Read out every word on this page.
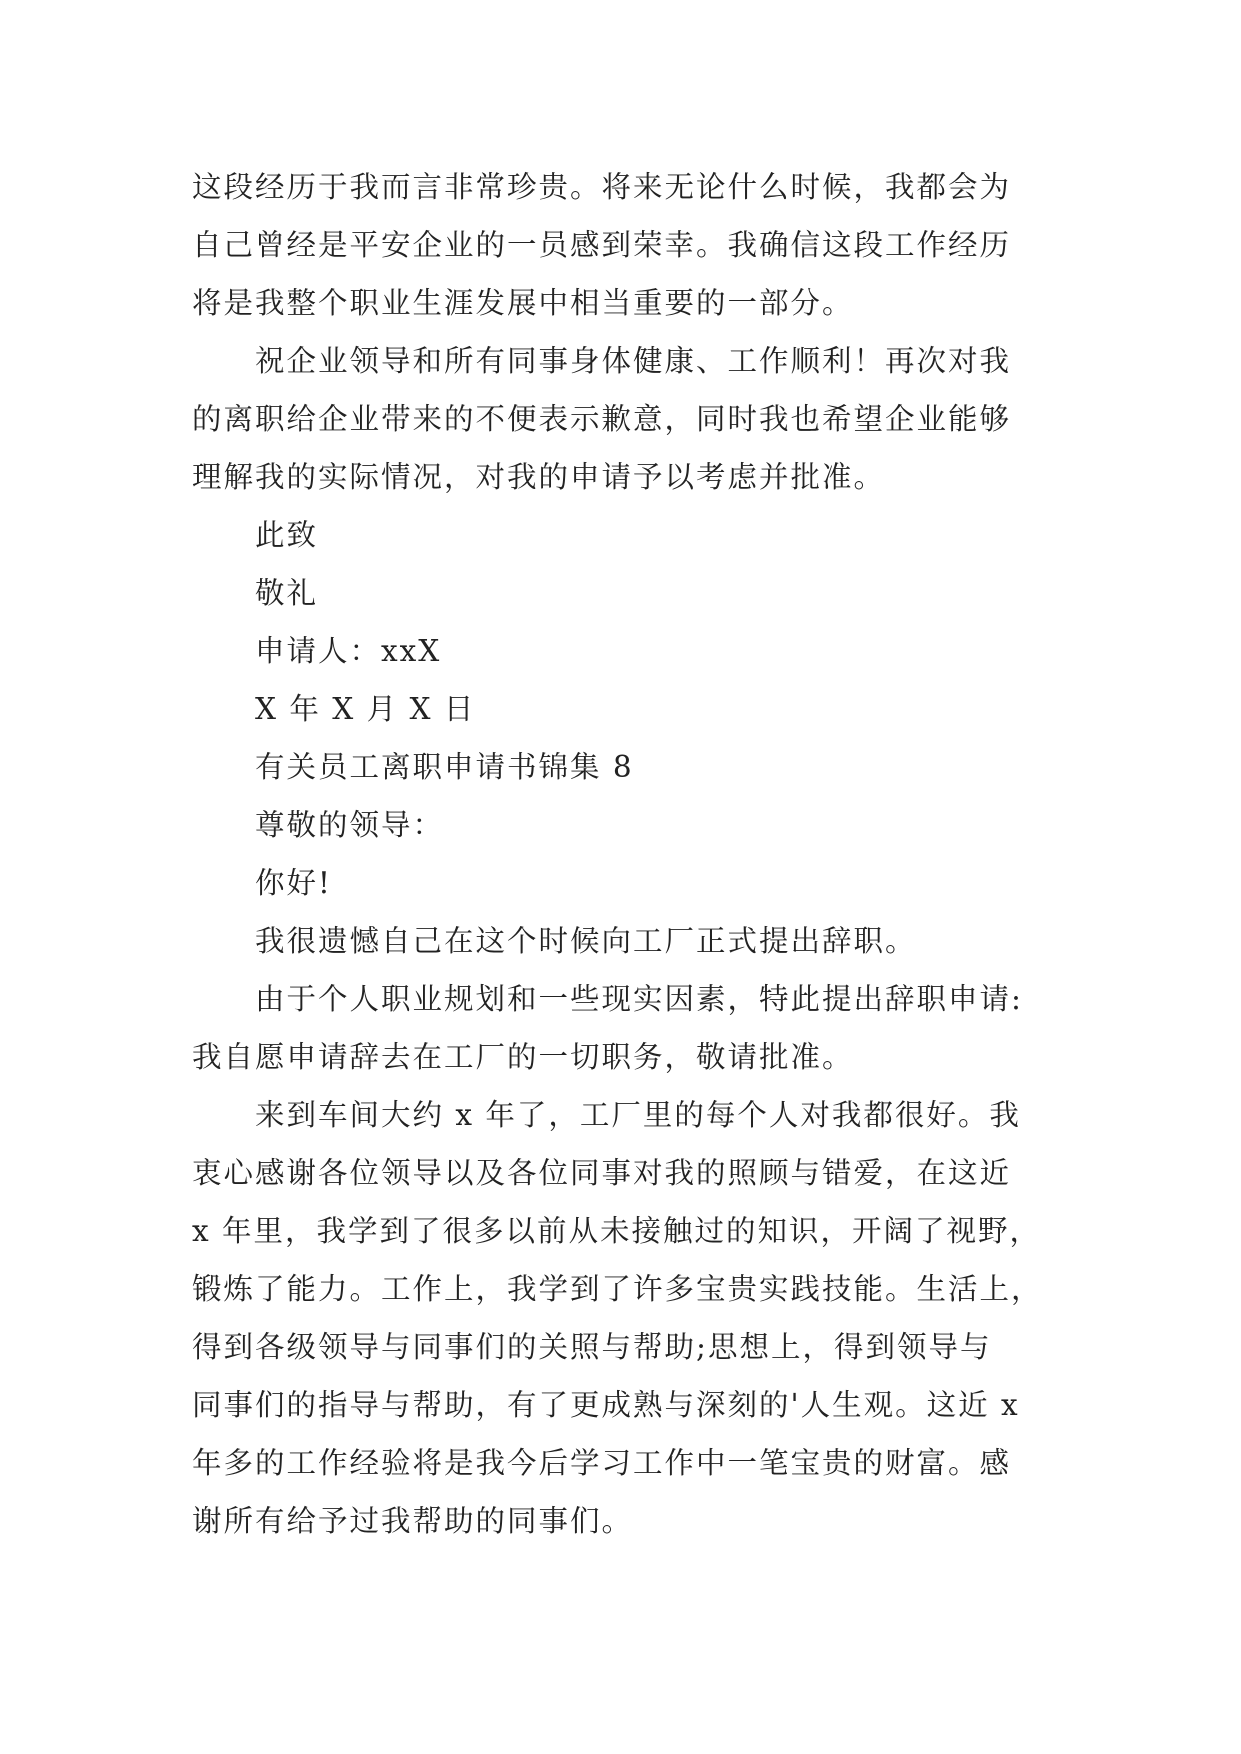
这段经历于我而言非常珍贵。将来无论什么时候，我都会为
自己曾经是平安企业的一员感到荣幸。我确信这段工作经历
将是我整个职业生涯发展中相当重要的一部分。

祝企业领导和所有同事身体健康、工作顺利！再次对我
的离职给企业带来的不便表示歉意，同时我也希望企业能够
理解我的实际情况，对我的申请予以考虑并批准。

此致

敬礼

申请人：xxX

X 年 X 月 X 日

有关员工离职申请书锦集 8

尊敬的领导：

你好!

我很遗憾自己在这个时候向工厂正式提出辞职。

由于个人职业规划和一些现实因素，特此提出辞职申请:
我自愿申请辞去在工厂的一切职务，敬请批准。

来到车间大约 x 年了，工厂里的每个人对我都很好。我
衷心感谢各位领导以及各位同事对我的照顾与错爱，在这近
x 年里，我学到了很多以前从未接触过的知识，开阔了视野，
锻炼了能力。工作上，我学到了许多宝贵实践技能。生活上，
得到各级领导与同事们的关照与帮助;思想上，得到领导与
同事们的指导与帮助，有了更成熟与深刻的'人生观。这近 x
年多的工作经验将是我今后学习工作中一笔宝贵的财富。感
谢所有给予过我帮助的同事们。
